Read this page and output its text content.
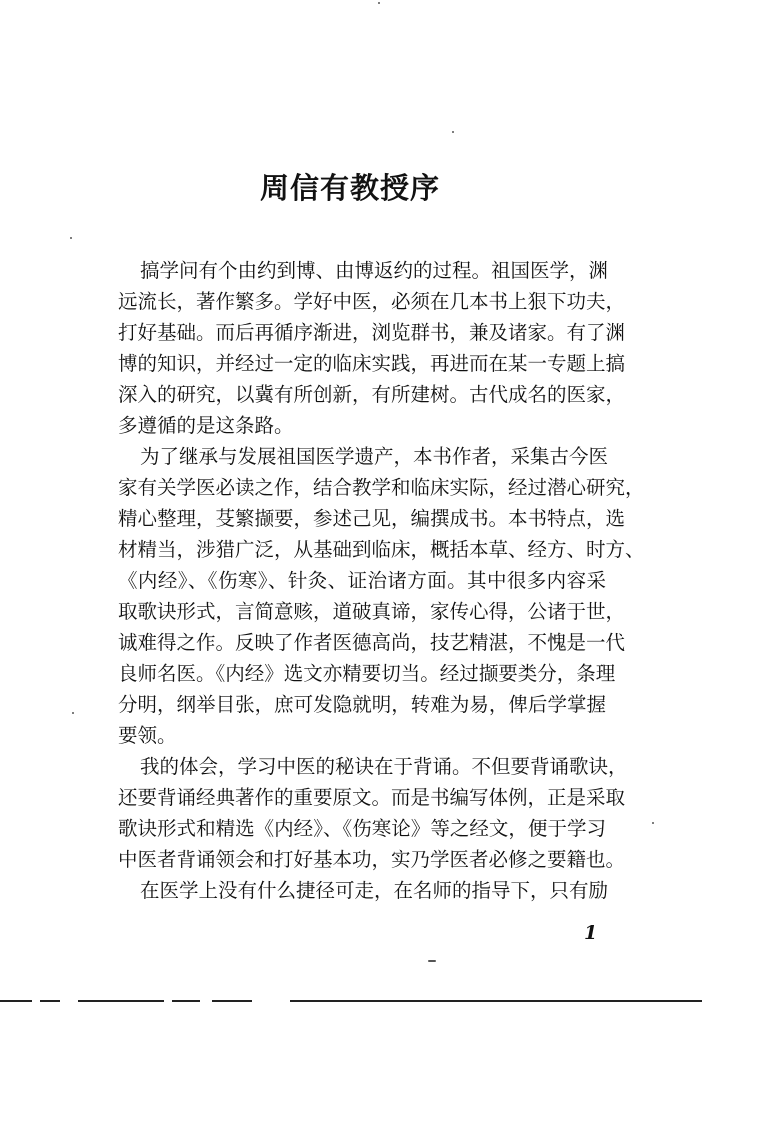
周信有教授序
搞学问有个由约到博、由博返约的过程。祖国医学，渊
远流长，著作繁多。学好中医，必须在几本书上狠下功夫，
打好基础。而后再循序渐进，浏览群书，兼及诸家。有了渊
博的知识，并经过一定的临床实践，再进而在某一专题上搞
深入的研究，以冀有所创新，有所建树。古代成名的医家，
多遵循的是这条路。
为了继承与发展祖国医学遗产，本书作者，采集古今医
家有关学医必读之作，结合教学和临床实际，经过潜心研究，
精心整理，芟繁撷要，参述己见，编撰成书。本书特点，选
材精当，涉猎广泛，从基础到临床，概括本草、经方、时方、
《内经》、《伤寒》、针灸、证治诸方面。其中很多内容采
取歌诀形式，言简意赅，道破真谛，家传心得，公诸于世，
诚难得之作。反映了作者医德高尚，技艺精湛，不愧是一代
良师名医。《内经》选文亦精要切当。经过撷要类分，条理
分明，纲举目张，庶可发隐就明，转难为易，俾后学掌握
要领。
我的体会，学习中医的秘诀在于背诵。不但要背诵歌诀，
还要背诵经典著作的重要原文。而是书编写体例，正是采取
歌诀形式和精选《内经》、《伤寒论》等之经文，便于学习
中医者背诵领会和打好基本功，实乃学医者必修之要籍也。
在医学上没有什么捷径可走，在名师的指导下，只有励
1
